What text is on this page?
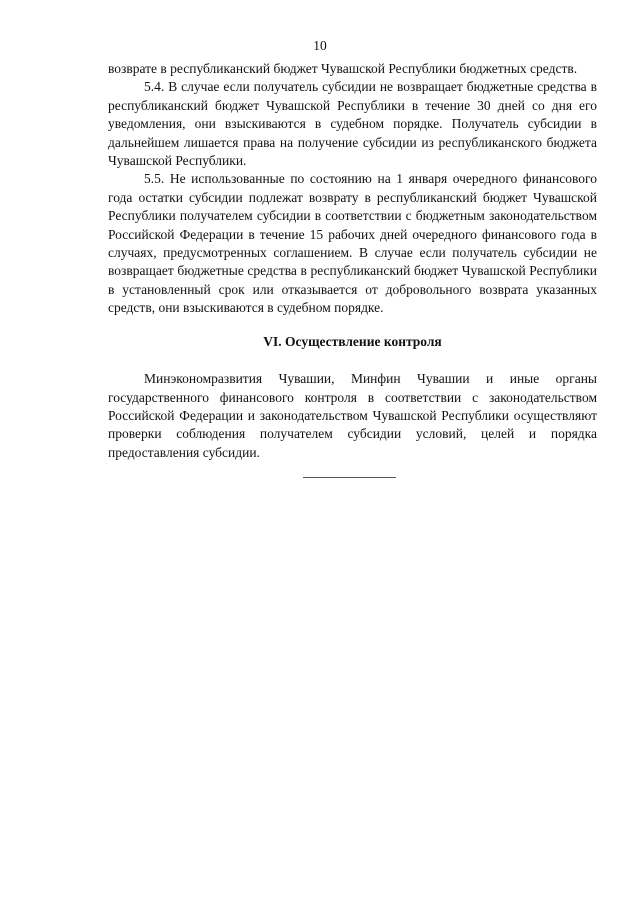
10

возврате в республиканский бюджет Чувашской Республики бюджетных средств.

5.4. В случае если получатель субсидии не возвращает бюджетные средства в республиканский бюджет Чувашской Республики в течение 30 дней со дня его уведомления, они взыскиваются в судебном порядке. Получатель субсидии в дальнейшем лишается права на получение субсидии из республиканского бюджета Чувашской Республики.

5.5. Не использованные по состоянию на 1 января очередного финансового года остатки субсидии подлежат возврату в республиканский бюджет Чувашской Республики получателем субсидии в соответствии с бюджетным законодательством Российской Федерации в течение 15 рабочих дней очередного финансового года в случаях, предусмотренных соглашением. В случае если получатель субсидии не возвращает бюджетные средства в республиканский бюджет Чувашской Республики в установленный срок или отказывается от добровольного возврата указанных средств, они взыскиваются в судебном порядке.

VI. Осуществление контроля

Минэкономразвития Чувашии, Минфин Чувашии и иные органы государственного финансового контроля в соответствии с законодательством Российской Федерации и законодательством Чувашской Республики осуществляют проверки соблюдения получателем субсидии условий, целей и порядка предоставления субсидии.
